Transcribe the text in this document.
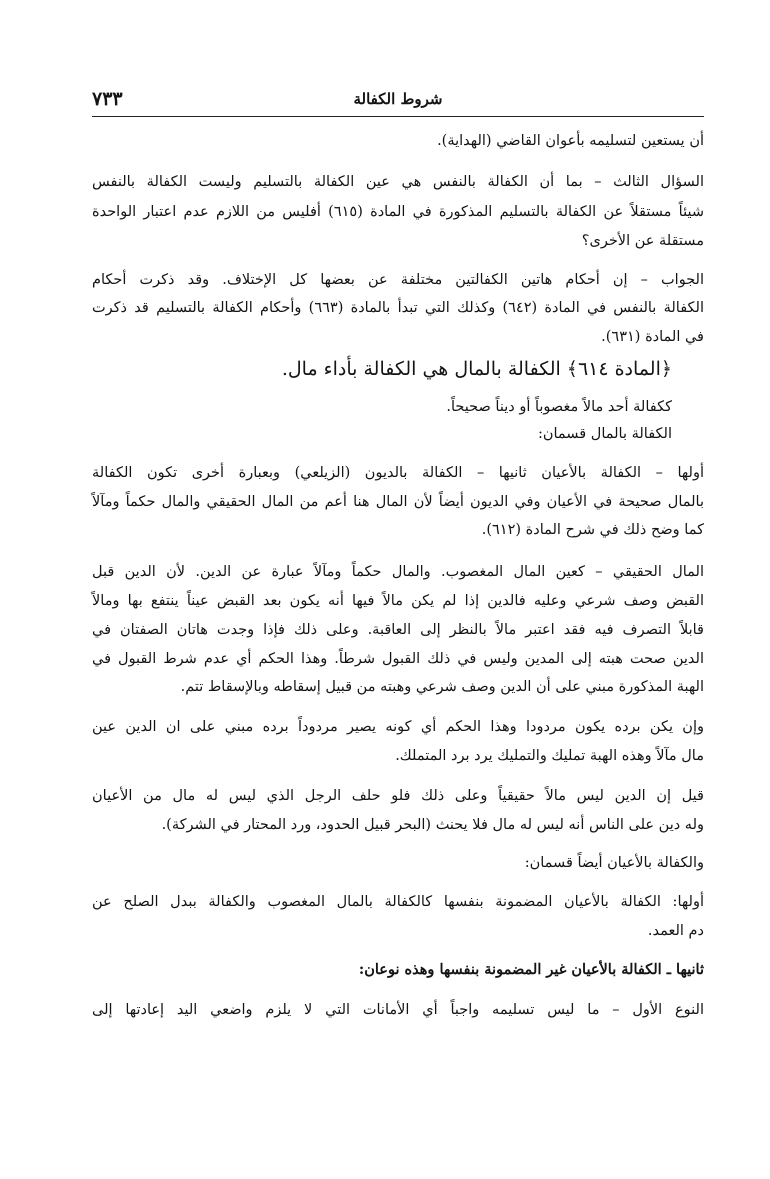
٧٣٣	شروط الكفالة
أن يستعين لتسليمه بأعوان القاضي (الهداية).
السؤال الثالث – بما أن الكفالة بالنفس هي عين الكفالة بالتسليم وليست الكفالة بالنفس
شيئاً مستقلاً عن الكفالة بالتسليم المذكورة في المادة (٦١٥) أفليس من اللازم عدم اعتبار الواحدة
مستقلة عن الأخرى؟
الجواب – إن أحكام هاتين الكفالتين مختلفة عن بعضها كل الإختلاف. وقد ذكرت أحكام
الكفالة بالنفس في المادة (٦٤٢) وكذلك التي تبدأ بالمادة (٦٦٣) وأحكام الكفالة بالتسليم قد ذكرت
في المادة (٦٣١).
﴿المادة ٦١٤﴾ الكفالة بالمال هي الكفالة بأداء مال.
ككفالة أحد مالاً مغصوباً أو ديناً صحيحاً.
الكفالة بالمال قسمان:
أولها – الكفالة بالأعيان ثانيها – الكفالة بالديون (الزيلعي) وبعبارة أخرى تكون الكفالة
بالمال صحيحة في الأعيان وفي الديون أيضاً لأن المال هنا أعم من المال الحقيقي والمال حكماً ومآلاً
كما وضح ذلك في شرح المادة (٦١٢).
المال الحقيقي – كعين المال المغصوب. والمال حكماً ومآلاً عبارة عن الدين. لأن الدين قبل
القبض وصف شرعي وعليه فالدين إذا لم يكن مالاً فيها أنه يكون بعد القبض عيناً ينتفع بها ومالاً
قابلاً التصرف فيه فقد اعتبر مالاً بالنظر إلى العاقبة. وعلى ذلك فإذا وجدت هاتان الصفتان في
الدين صحت هبته إلى المدين وليس في ذلك القبول شرطاً. وهذا الحكم أي عدم شرط القبول في
الهبة المذكورة مبني على أن الدين وصف شرعي وهبته من قبيل إسقاطه وبالإسقاط تتم.
وإن يكن برده يكون مردودا وهذا الحكم أي كونه يصير مردوداً برده مبني على ان الدين عين
مال مآلاً وهذه الهبة تمليك والتمليك يرد برد المتملك.
قيل إن الدين ليس مالاً حقيقياً وعلى ذلك فلو حلف الرجل الذي ليس له مال من الأعيان
وله دين على الناس أنه ليس له مال فلا يحنث (البحر قبيل الحدود، ورد المحتار في الشركة).
والكفالة بالأعيان أيضاً قسمان:
أولها: الكفالة بالأعيان المضمونة بنفسها كالكفالة بالمال المغصوب والكفالة ببدل الصلح عن
دم العمد.
ثانيها ـ الكفالة بالأعيان غير المضمونة بنفسها وهذه نوعان:
النوع الأول – ما ليس تسليمه واجباً أي الأمانات التي لا يلزم واضعي اليد إعادتها إلى
